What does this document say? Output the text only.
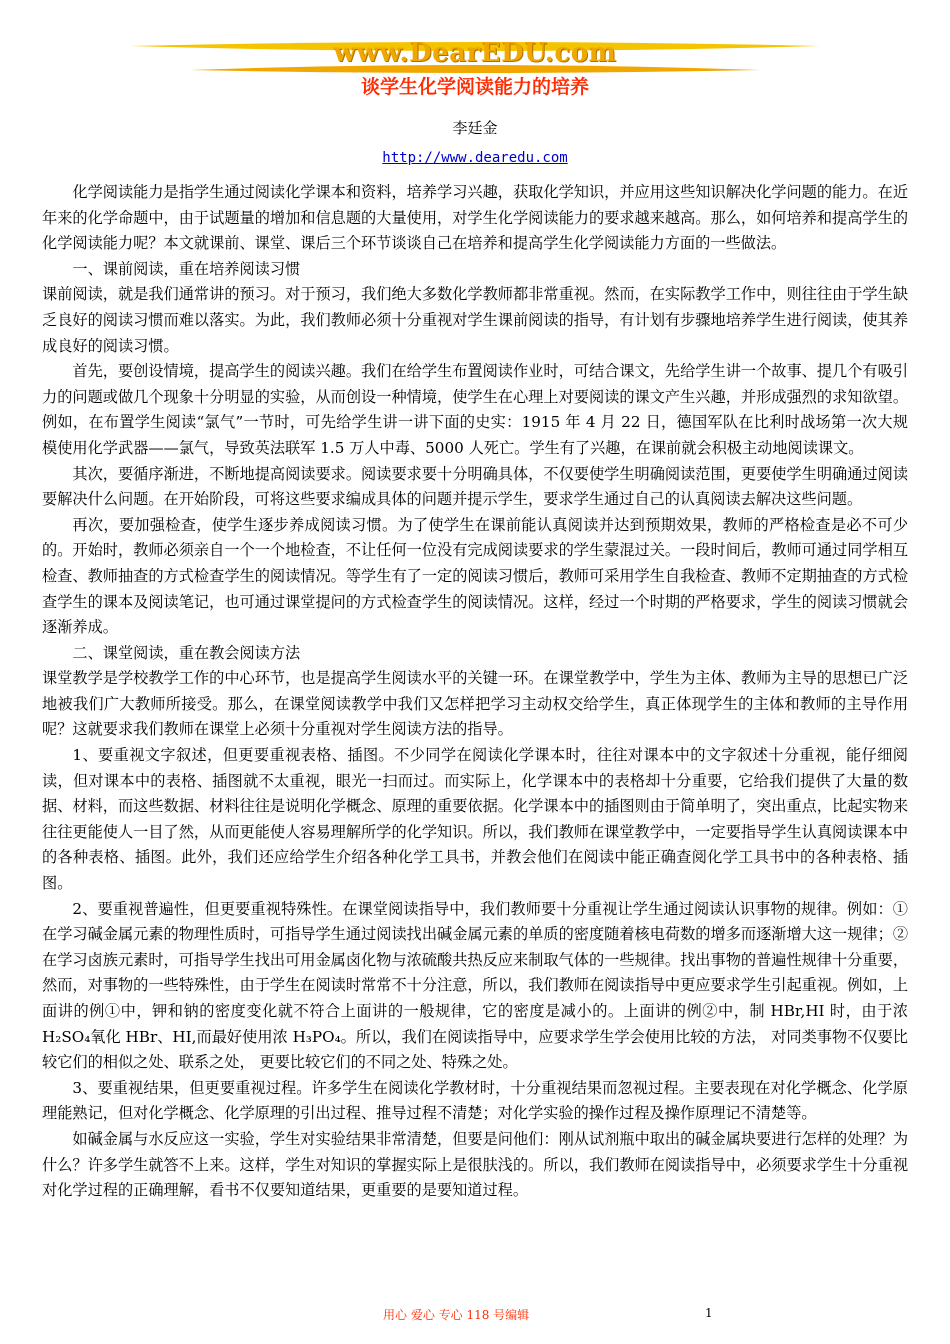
www.DearEDU.com
谈学生化学阅读能力的培养
李廷金
http://www.dearedu.com

化学阅读能力是指学生通过阅读化学课本和资料，培养学习兴趣，获取化学知识，并应用这些知识解决化学问题的能力。在近年来的化学命题中，由于试题量的增加和信息题的大量使用，对学生化学阅读能力的要求越来越高。那么，如何培养和提高学生的化学阅读能力呢？本文就课前、课堂、课后三个环节谈谈自己在培养和提高学生化学阅读能力方面的一些做法。

一、课前阅读，重在培养阅读习惯

课前阅读，就是我们通常讲的预习。对于预习，我们绝大多数化学教师都非常重视。然而，在实际教学工作中，则往往由于学生缺乏良好的阅读习惯而难以落实。为此，我们教师必须十分重视对学生课前阅读的指导，有计划有步骤地培养学生进行阅读，使其养成良好的阅读习惯。

首先，要创设情境，提高学生的阅读兴趣。我们在给学生布置阅读作业时，可结合课文，先给学生讲一个故事、提几个有吸引力的问题或做几个现象十分明显的实验，从而创设一种情境，使学生在心理上对要阅读的课文产生兴趣，并形成强烈的求知欲望。例如，在布置学生阅读“氯气”一节时，可先给学生讲一讲下面的史实：1915 年 4 月 22 日，德国军队在比利时战场第一次大规模使用化学武器——氯气，导致英法联军 1.5 万人中毒、5000 人死亡。学生有了兴趣，在课前就会积极主动地阅读课文。

其次，要循序渐进，不断地提高阅读要求。阅读要求要十分明确具体，不仅要使学生明确阅读范围，更要使学生明确通过阅读要解决什么问题。在开始阶段，可将这些要求编成具体的问题并提示学生，要求学生通过自己的认真阅读去解决这些问题。

再次，要加强检查，使学生逐步养成阅读习惯。为了使学生在课前能认真阅读并达到预期效果，教师的严格检查是必不可少的。开始时，教师必须亲自一个一个地检查，不让任何一位没有完成阅读要求的学生蒙混过关。一段时间后，教师可通过同学相互检查、教师抽查的方式检查学生的阅读情况。等学生有了一定的阅读习惯后，教师可采用学生自我检查、教师不定期抽查的方式检查学生的课本及阅读笔记，也可通过课堂提问的方式检查学生的阅读情况。这样，经过一个时期的严格要求，学生的阅读习惯就会逐渐养成。

二、课堂阅读，重在教会阅读方法

课堂教学是学校教学工作的中心环节，也是提高学生阅读水平的关键一环。在课堂教学中，学生为主体、教师为主导的思想已广泛地被我们广大教师所接受。那么，在课堂阅读教学中我们又怎样把学习主动权交给学生，真正体现学生的主体和教师的主导作用呢？这就要求我们教师在课堂上必须十分重视对学生阅读方法的指导。

1、要重视文字叙述，但更要重视表格、插图。不少同学在阅读化学课本时，往往对课本中的文字叙述十分重视，能仔细阅读，但对课本中的表格、插图就不太重视，眼光一扫而过。而实际上，化学课本中的表格却十分重要，它给我们提供了大量的数据、材料，而这些数据、材料往往是说明化学概念、原理的重要依据。化学课本中的插图则由于简单明了，突出重点，比起实物来往往更能使人一目了然，从而更能使人容易理解所学的化学知识。所以，我们教师在课堂教学中，一定要指导学生认真阅读课本中的各种表格、插图。此外，我们还应给学生介绍各种化学工具书，并教会他们在阅读中能正确查阅化学工具书中的各种表格、插图。

2、要重视普遍性，但更要重视特殊性。在课堂阅读指导中，我们教师要十分重视让学生通过阅读认识事物的规律。例如：①在学习碱金属元素的物理性质时，可指导学生通过阅读找出碱金属元素的单质的密度随着核电荷数的增多而逐渐增大这一规律；②在学习卤族元素时，可指导学生找出可用金属卤化物与浓硫酸共热反应来制取气体的一些规律。找出事物的普遍性规律十分重要，然而，对事物的一些特殊性，由于学生在阅读时常常不十分注意，所以，我们教师在阅读指导中更应要求学生引起重视。例如，上面讲的例①中，钾和钠的密度变化就不符合上面讲的一般规律，它的密度是减小的。上面讲的例②中，制 HBr,HI 时，由于浓 H₂SO₄氧化 HBr、HI,而最好使用浓 H₃PO₄。所以，我们在阅读指导中，应要求学生学会使用比较的方法， 对同类事物不仅要比较它们的相似之处、联系之处， 更要比较它们的不同之处、特殊之处。

3、要重视结果，但更要重视过程。许多学生在阅读化学教材时，十分重视结果而忽视过程。主要表现在对化学概念、化学原理能熟记，但对化学概念、化学原理的引出过程、推导过程不清楚；对化学实验的操作过程及操作原理记不清楚等。

如碱金属与水反应这一实验，学生对实验结果非常清楚，但要是问他们：刚从试剂瓶中取出的碱金属块要进行怎样的处理？为什么？许多学生就答不上来。这样，学生对知识的掌握实际上是很肤浅的。所以，我们教师在阅读指导中，必须要求学生十分重视对化学过程的正确理解，看书不仅要知道结果，更重要的是要知道过程。

用心 爱心 专心 118 号编辑	1
